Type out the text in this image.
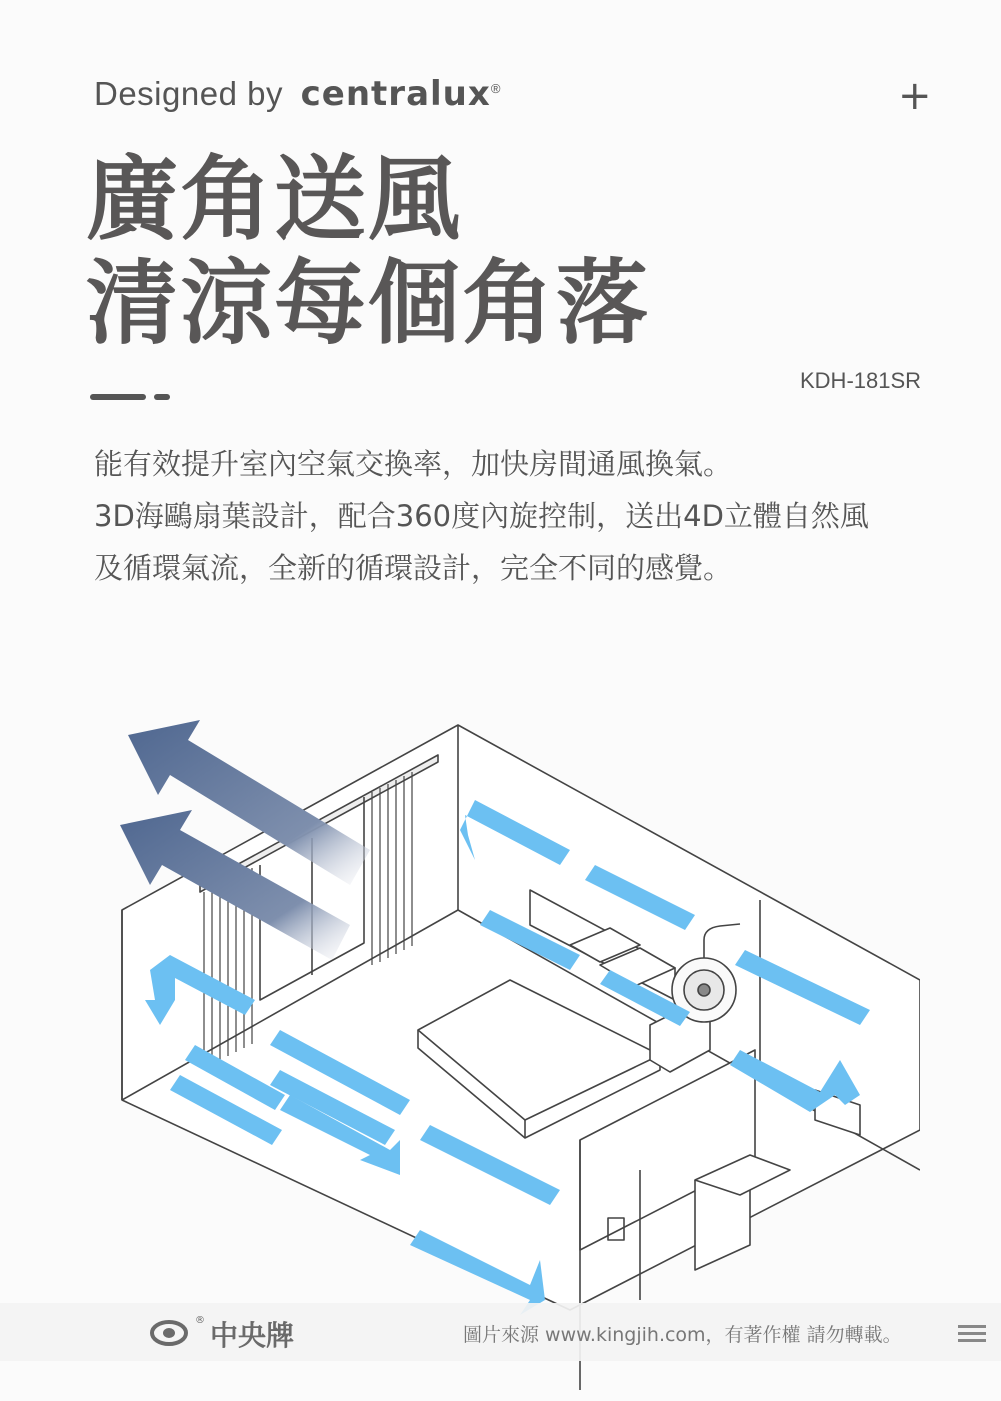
Designed by centralux®	+
廣角送風
清涼每個角落
KDH-181SR
能有效提升室內空氣交換率，加快房間通風換氣。
3D海鷗扇葉設計，配合360度內旋控制，送出4D立體自然風
及循環氣流，全新的循環設計，完全不同的感覺。
® 中央牌	圖片來源 www.kingjih.com，有著作權 請勿轉載。
